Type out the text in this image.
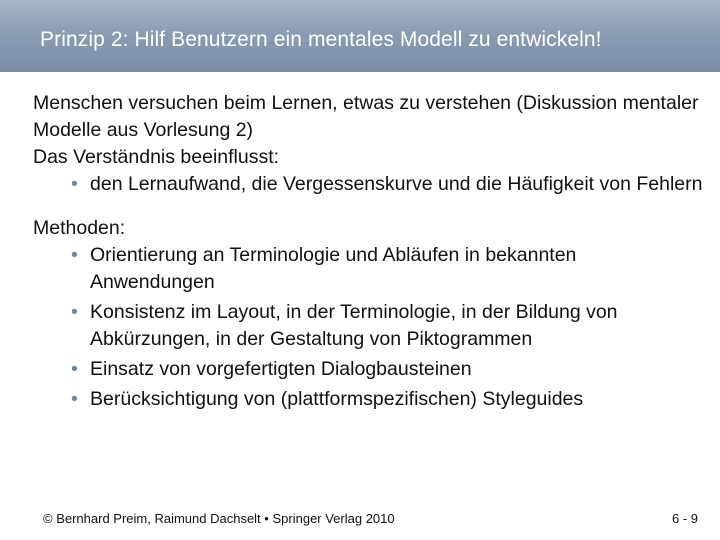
Prinzip 2: Hilf Benutzern ein mentales Modell zu entwickeln!

Menschen versuchen beim Lernen, etwas zu verstehen (Diskussion mentaler Modelle aus Vorlesung 2)

Das Verständnis beeinflusst:

• den Lernaufwand, die Vergessenskurve und die Häufigkeit von Fehlern

Methoden:

• Orientierung an Terminologie und Abläufen in bekannten Anwendungen
• Konsistenz im Layout, in der Terminologie, in der Bildung von Abkürzungen, in der Gestaltung von Piktogrammen
• Einsatz von vorgefertigten Dialogbausteinen
• Berücksichtigung von (plattformspezifischen) Styleguides
© Bernhard Preim, Raimund Dachselt • Springer Verlag 2010	6 - 9
